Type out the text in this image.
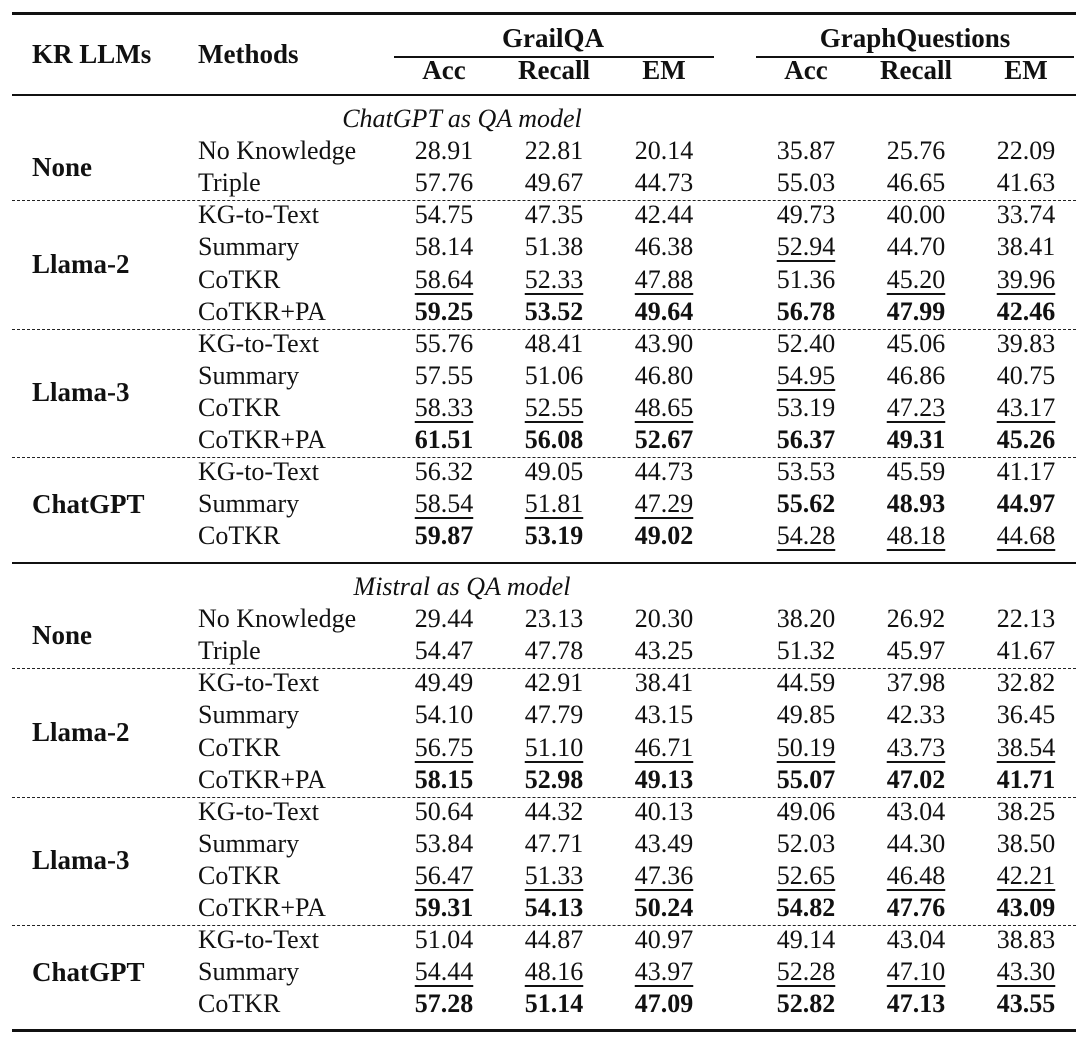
KR LLMs Methods
GrailQA	GraphQuestions
Acc	Recall	EM	Acc	Recall	EM
ChatGPT as QA model
None
No Knowledge	28.91	22.81	20.14	35.87	25.76	22.09
Triple	57.76	49.67	44.73	55.03	46.65	41.63
Llama-2
KG-to-Text	54.75	47.35	42.44	49.73	40.00	33.74
Summary	58.14	51.38	46.38	52.94	44.70	38.41
CoTKR	58.64	52.33	47.88	51.36	45.20	39.96
CoTKR+PA	59.25	53.52	49.64	56.78	47.99	42.46
Llama-3
KG-to-Text	55.76	48.41	43.90	52.40	45.06	39.83
Summary	57.55	51.06	46.80	54.95	46.86	40.75
CoTKR	58.33	52.55	48.65	53.19	47.23	43.17
CoTKR+PA	61.51	56.08	52.67	56.37	49.31	45.26
ChatGPT
KG-to-Text	56.32	49.05	44.73	53.53	45.59	41.17
Summary	58.54	51.81	47.29	55.62	48.93	44.97
CoTKR	59.87	53.19	49.02	54.28	48.18	44.68
Mistral as QA model
None
No Knowledge	29.44	23.13	20.30	38.20	26.92	22.13
Triple	54.47	47.78	43.25	51.32	45.97	41.67
Llama-2
KG-to-Text	49.49	42.91	38.41	44.59	37.98	32.82
Summary	54.10	47.79	43.15	49.85	42.33	36.45
CoTKR	56.75	51.10	46.71	50.19	43.73	38.54
CoTKR+PA	58.15	52.98	49.13	55.07	47.02	41.71
Llama-3
KG-to-Text	50.64	44.32	40.13	49.06	43.04	38.25
Summary	53.84	47.71	43.49	52.03	44.30	38.50
CoTKR	56.47	51.33	47.36	52.65	46.48	42.21
CoTKR+PA	59.31	54.13	50.24	54.82	47.76	43.09
ChatGPT
KG-to-Text	51.04	44.87	40.97	49.14	43.04	38.83
Summary	54.44	48.16	43.97	52.28	47.10	43.30
CoTKR	57.28	51.14	47.09	52.82	47.13	43.55
